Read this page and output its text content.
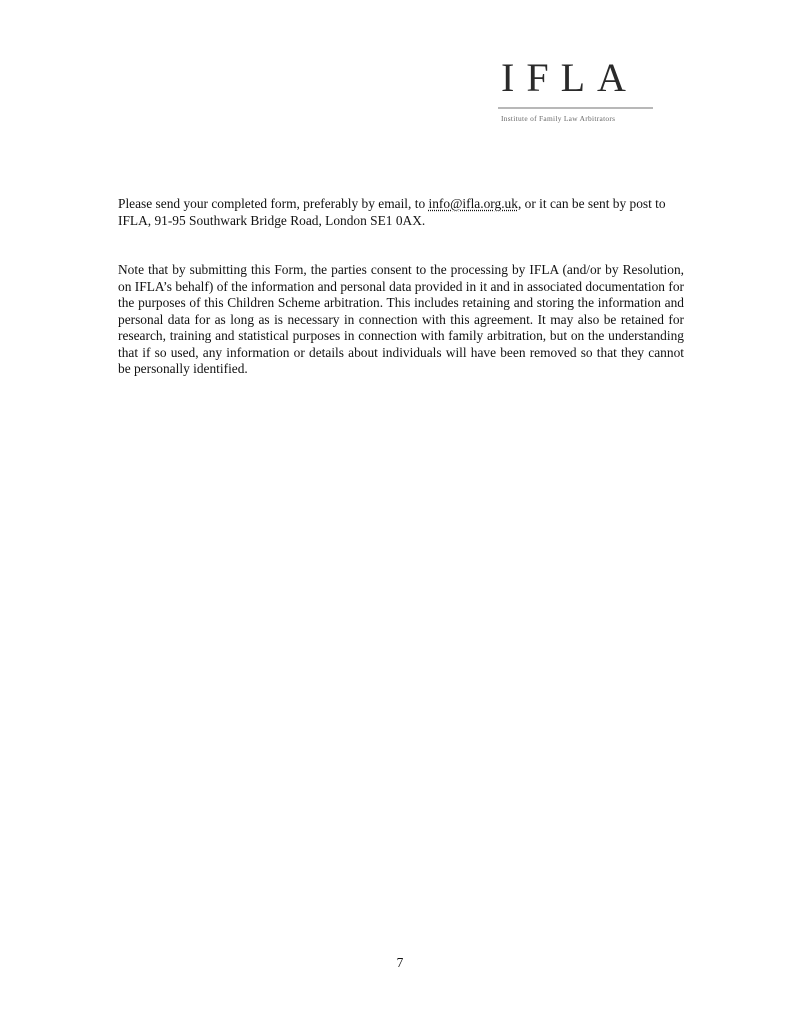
IFLA
Institute of Family Law Arbitrators

Please send your completed form, preferably by email, to info@ifla.org.uk, or it can be sent by post to IFLA, 91-95 Southwark Bridge Road, London SE1 0AX.

Note that by submitting this Form, the parties consent to the processing by IFLA (and/or by Resolution, on IFLA’s behalf) of the information and personal data provided in it and in associated documentation for the purposes of this Children Scheme arbitration. This includes retaining and storing the information and personal data for as long as is necessary in connection with this agreement. It may also be retained for research, training and statistical purposes in connection with family arbitration, but on the understanding that if so used, any information or details about individuals will have been removed so that they cannot be personally identified.

7
